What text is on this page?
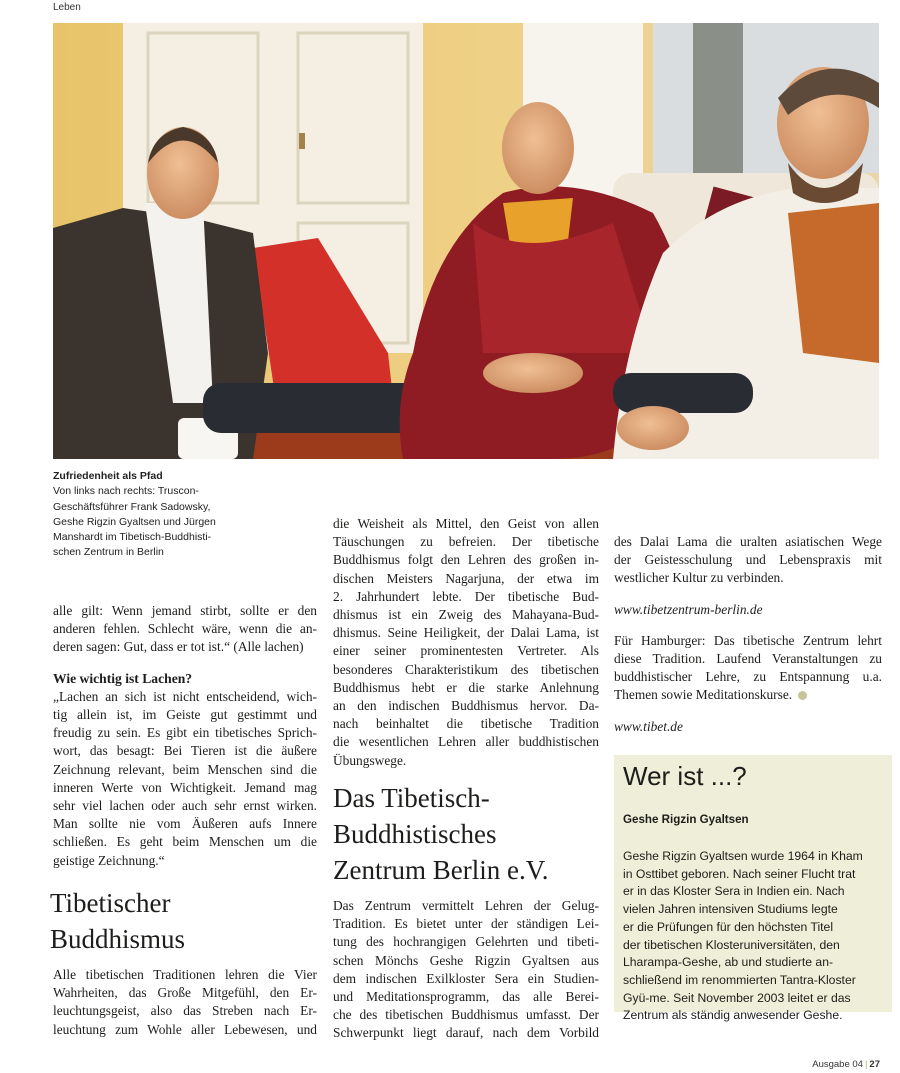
Leben
Zufriedenheit als Pfad
Von links nach rechts: Truscon-
Geschäftsführer Frank Sadowsky,
Geshe Rigzin Gyaltsen und Jürgen
Manshardt im Tibetisch-Buddhisti-
schen Zentrum in Berlin
alle gilt: Wenn jemand stirbt, sollte er den
anderen fehlen. Schlecht wäre, wenn die an-
deren sagen: Gut, dass er tot ist.“ (Alle lachen)

Wie wichtig ist Lachen?

„Lachen an sich ist nicht entscheidend, wich-
tig allein ist, im Geiste gut gestimmt und
freudig zu sein. Es gibt ein tibetisches Sprich-
wort, das besagt: Bei Tieren ist die äußere
Zeichnung relevant, beim Menschen sind die
inneren Werte von Wichtigkeit. Jemand mag
sehr viel lachen oder auch sehr ernst wirken.
Man sollte nie vom Äußeren aufs Innere
schließen. Es geht beim Menschen um die
geistige Zeichnung.“
Tibetischer
Buddhismus
Alle tibetischen Traditionen lehren die Vier
Wahrheiten, das Große Mitgefühl, den Er-
leuchtungsgeist, also das Streben nach Er-
leuchtung zum Wohle aller Lebewesen, und
die Weisheit als Mittel, den Geist von allen
Täuschungen zu befreien. Der tibetische
Buddhismus folgt den Lehren des großen in-
dischen Meisters Nagarjuna, der etwa im
2. Jahrhundert lebte. Der tibetische Bud-
dhismus ist ein Zweig des Mahayana-Bud-
dhismus. Seine Heiligkeit, der Dalai Lama, ist
einer seiner prominentesten Vertreter. Als
besonderes Charakteristikum des tibetischen
Buddhismus hebt er die starke Anlehnung
an den indischen Buddhismus hervor. Da-
nach beinhaltet die tibetische Tradition
die wesentlichen Lehren aller buddhistischen
Übungswege.
Das Tibetisch-
Buddhistisches
Zentrum Berlin e.V.
Das Zentrum vermittelt Lehren der Gelug-
Tradition. Es bietet unter der ständigen Lei-
tung des hochrangigen Gelehrten und tibeti-
schen Mönchs Geshe Rigzin Gyaltsen aus
dem indischen Exilkloster Sera ein Studien-
und Meditationsprogramm, das alle Berei-
che des tibetischen Buddhismus umfasst. Der
Schwerpunkt liegt darauf, nach dem Vorbild
des Dalai Lama die uralten asiatischen Wege
der Geistesschulung und Lebenspraxis mit
westlicher Kultur zu verbinden.

www.tibetzentrum-berlin.de

Für Hamburger: Das tibetische Zentrum lehrt
diese Tradition. Laufend Veranstaltungen zu
buddhistischer Lehre, zu Entspannung u.a.

Themen sowie Meditationskurse.

www.tibet.de

Wer ist ...?
Geshe Rigzin Gyaltsen
Geshe Rigzin Gyaltsen wurde 1964 in Kham
in Osttibet geboren. Nach seiner Flucht trat
er in das Kloster Sera in Indien ein. Nach
vielen Jahren intensiven Studiums legte
er die Prüfungen für den höchsten Titel
der tibetischen Klosteruniversitäten, den
Lharampa-Geshe, ab und studierte an-
schließend im renommierten Tantra-Kloster
Gyü-me. Seit November 2003 leitet er das
Zentrum als ständig anwesender Geshe.
Ausgabe 04 | 27
